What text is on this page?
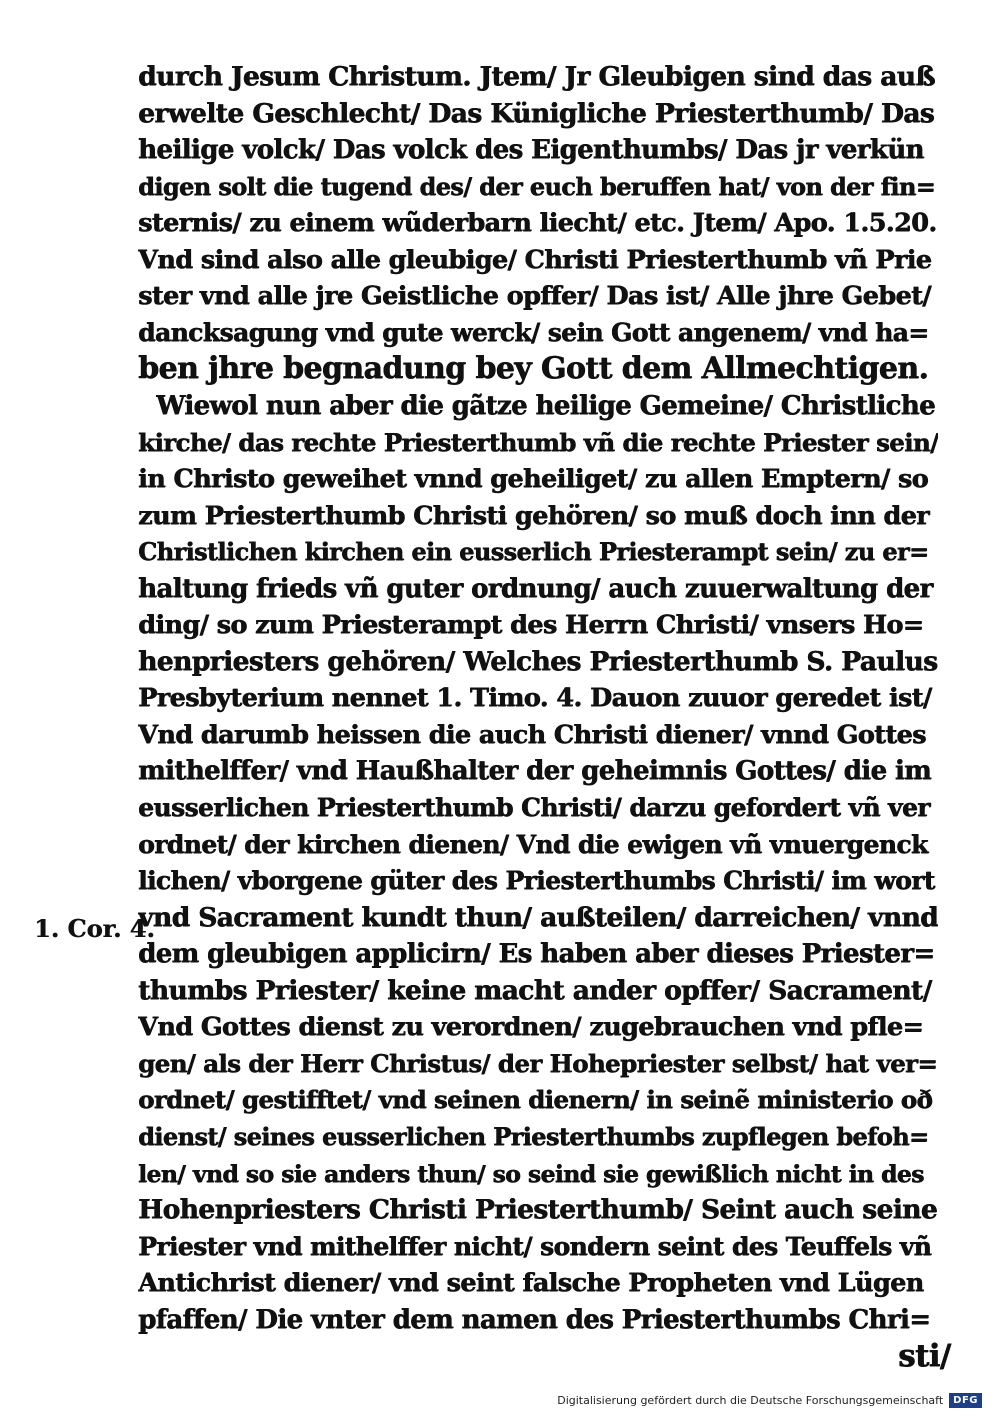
durch Jesum Christum. Jtem/ Jr Gleubigen sind das auß
erwelte Geschlecht/ Das Künigliche Priesterthumb/ Das
heilige volck/ Das volck des Eigenthumbs/ Das jr verkün
digen solt die tugend des/ der euch beruffen hat/ von der fin=
sternis/ zu einem wũderbarn liecht/ etc. Jtem/ Apo. 1.5.20.
Vnd sind also alle gleubige/ Christi Priesterthumb vñ Prie
ster vnd alle jre Geistliche opffer/ Das ist/ Alle jhre Gebet/
dancksagung vnd gute werck/ sein Gott angenem/ vnd ha=
ben jhre begnadung bey Gott dem Allmechtigen.
Wiewol nun aber die gãtze heilige Gemeine/ Christliche
kirche/ das rechte Priesterthumb vñ die rechte Priester sein/
in Christo geweihet vnnd geheiliget/ zu allen Emptern/ so
zum Priesterthumb Christi gehören/ so muß doch inn der
Christlichen kirchen ein eusserlich Priesterampt sein/ zu er=
haltung frieds vñ guter ordnung/ auch zuuerwaltung der
ding/ so zum Priesterampt des Herrn Christi/ vnsers Ho=
henpriesters gehören/ Welches Priesterthumb S. Paulus
Presbyterium nennet 1. Timo. 4. Dauon zuuor geredet ist/
Vnd darumb heissen die auch Christi diener/ vnnd Gottes
mithelffer/ vnd Haußhalter der geheimnis Gottes/ die im
eusserlichen Priesterthumb Christi/ darzu gefordert vñ ver
ordnet/ der kirchen dienen/ Vnd die ewigen vñ vnuergenck
lichen/ vborgene güter des Priesterthumbs Christi/ im wort
vnd Sacrament kundt thun/ außteilen/ darreichen/ vnnd
dem gleubigen applicirn/ Es haben aber dieses Priester=
thumbs Priester/ keine macht ander opffer/ Sacrament/
Vnd Gottes dienst zu verordnen/ zugebrauchen vnd pfle=
gen/ als der Herr Christus/ der Hohepriester selbst/ hat ver=
ordnet/ gestifftet/ vnd seinen dienern/ in seinẽ ministerio oð
dienst/ seines eusserlichen Priesterthumbs zupflegen befoh=
len/ vnd so sie anders thun/ so seind sie gewißlich nicht in des
Hohenpriesters Christi Priesterthumb/ Seint auch seine
Priester vnd mithelffer nicht/ sondern seint des Teuffels vñ
Antichrist diener/ vnd seint falsche Propheten vnd Lügen
pfaffen/ Die vnter dem namen des Priesterthumbs Chri=
sti/
1. Cor. 4.
Digitalisierung gefördert durch die Deutsche Forschungsgemeinschaft	DFG
